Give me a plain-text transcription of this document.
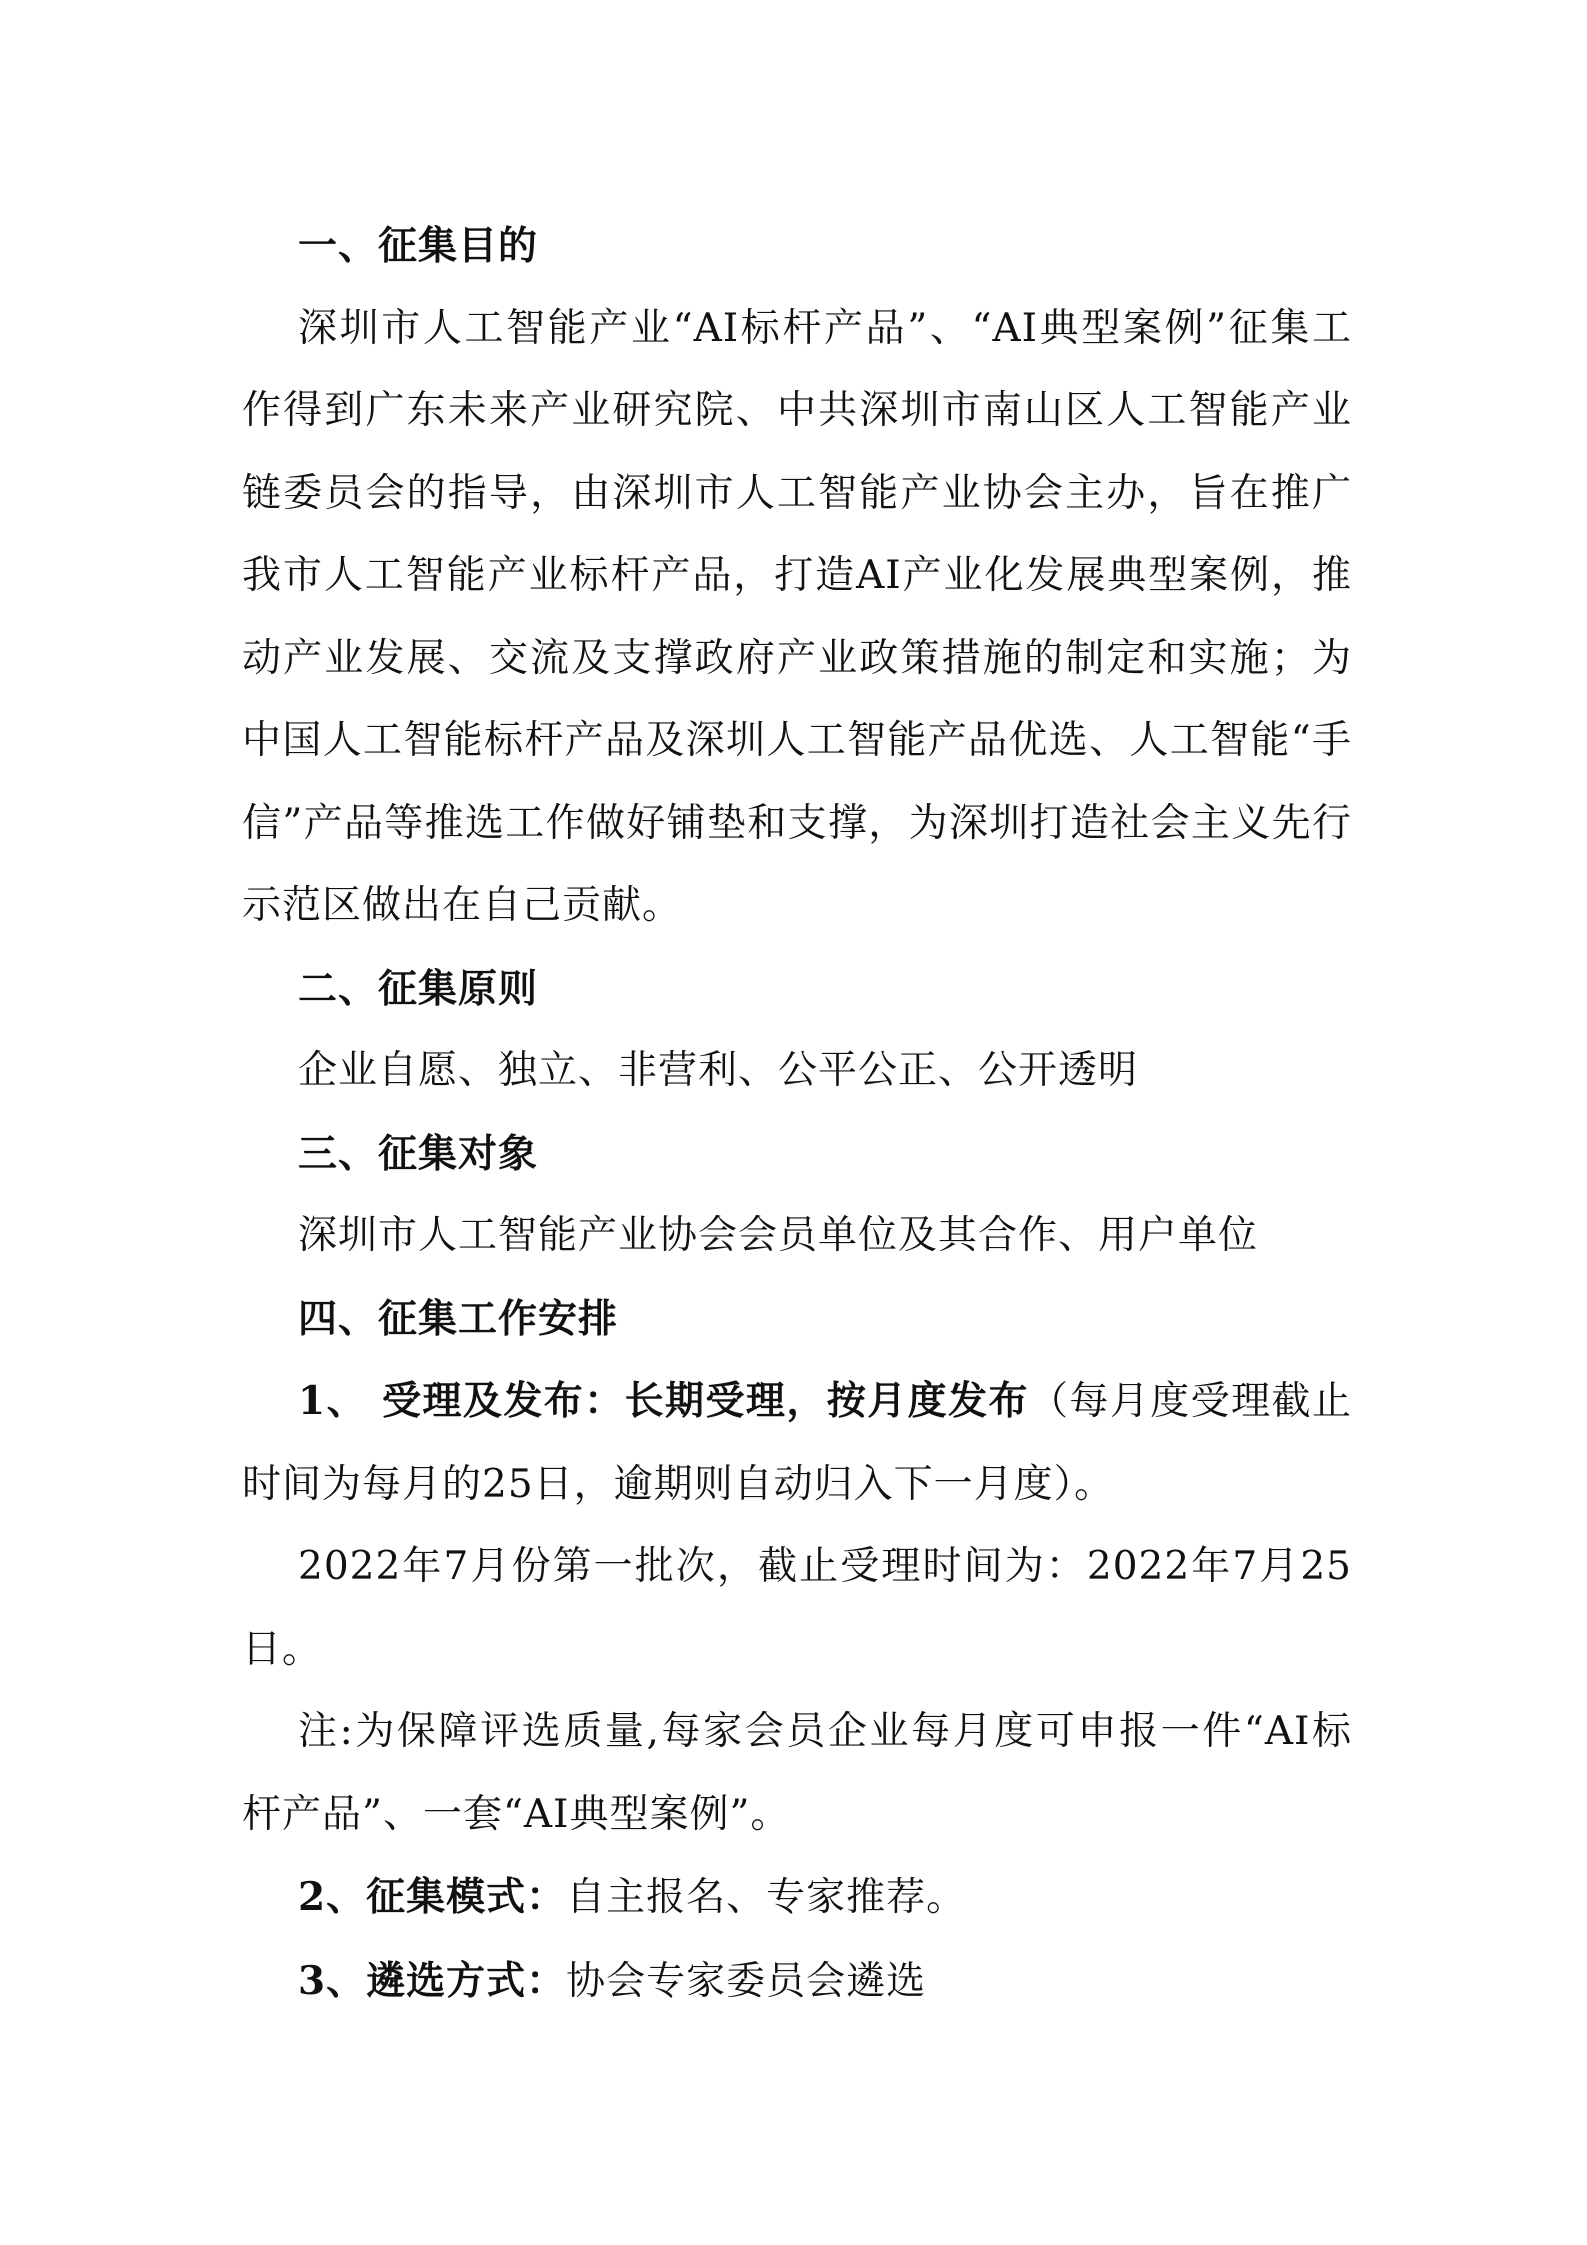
一、征集目的

深圳市人工智能产业“AI标杆产品”、“AI典型案例”征集工作得到广东未来产业研究院、中共深圳市南山区人工智能产业链委员会的指导，由深圳市人工智能产业协会主办，旨在推广我市人工智能产业标杆产品，打造AI产业化发展典型案例，推动产业发展、交流及支撑政府产业政策措施的制定和实施；为中国人工智能标杆产品及深圳人工智能产品优选、人工智能“手信”产品等推选工作做好铺垫和支撑，为深圳打造社会主义先行示范区做出在自己贡献。

二、征集原则

企业自愿、独立、非营利、公平公正、公开透明

三、征集对象

深圳市人工智能产业协会会员单位及其合作、用户单位

四、征集工作安排

1、 受理及发布：长期受理，按月度发布（每月度受理截止时间为每月的25日，逾期则自动归入下一月度）。

2022年7月份第一批次，截止受理时间为：2022年7月25日。

注:为保障评选质量,每家会员企业每月度可申报一件“AI标杆产品”、一套“AI典型案例”。

2、征集模式：自主报名、专家推荐。

3、遴选方式：协会专家委员会遴选
